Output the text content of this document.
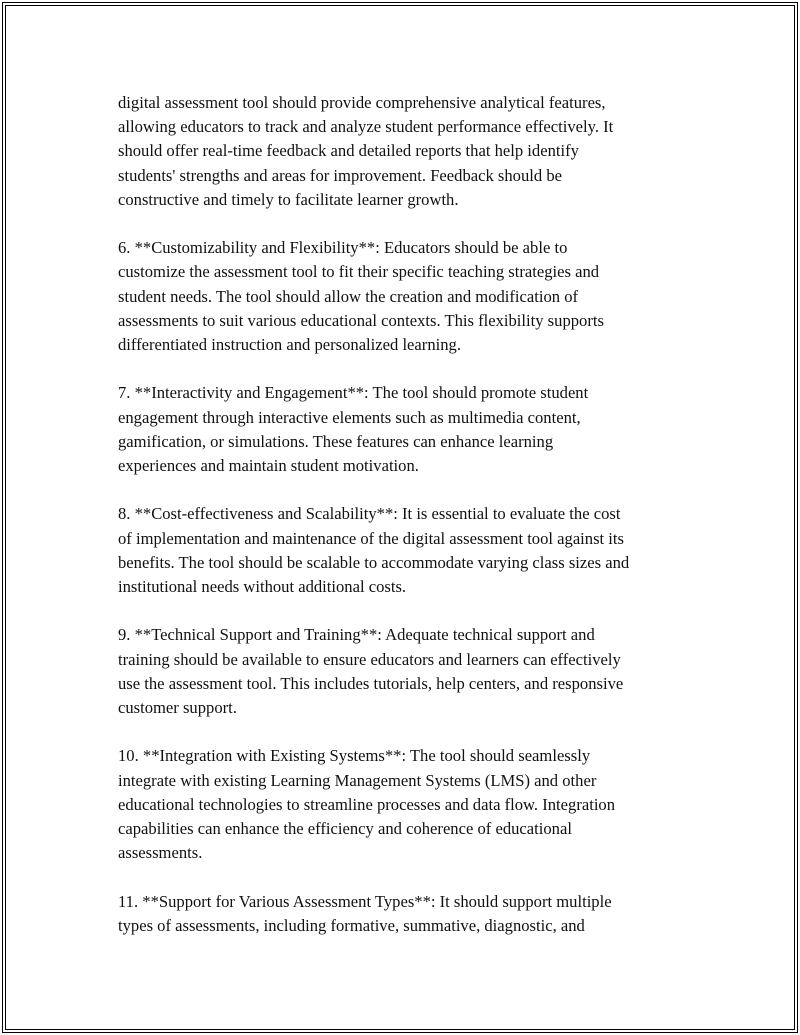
digital assessment tool should provide comprehensive analytical features,
allowing educators to track and analyze student performance effectively. It
should offer real-time feedback and detailed reports that help identify
students' strengths and areas for improvement. Feedback should be
constructive and timely to facilitate learner growth.

6. **Customizability and Flexibility**: Educators should be able to
customize the assessment tool to fit their specific teaching strategies and
student needs. The tool should allow the creation and modification of
assessments to suit various educational contexts. This flexibility supports
differentiated instruction and personalized learning.

7. **Interactivity and Engagement**: The tool should promote student
engagement through interactive elements such as multimedia content,
gamification, or simulations. These features can enhance learning
experiences and maintain student motivation.

8. **Cost-effectiveness and Scalability**: It is essential to evaluate the cost
of implementation and maintenance of the digital assessment tool against its
benefits. The tool should be scalable to accommodate varying class sizes and
institutional needs without additional costs.

9. **Technical Support and Training**: Adequate technical support and
training should be available to ensure educators and learners can effectively
use the assessment tool. This includes tutorials, help centers, and responsive
customer support.

10. **Integration with Existing Systems**: The tool should seamlessly
integrate with existing Learning Management Systems (LMS) and other
educational technologies to streamline processes and data flow. Integration
capabilities can enhance the efficiency and coherence of educational
assessments.

11. **Support for Various Assessment Types**: It should support multiple
types of assessments, including formative, summative, diagnostic, and
